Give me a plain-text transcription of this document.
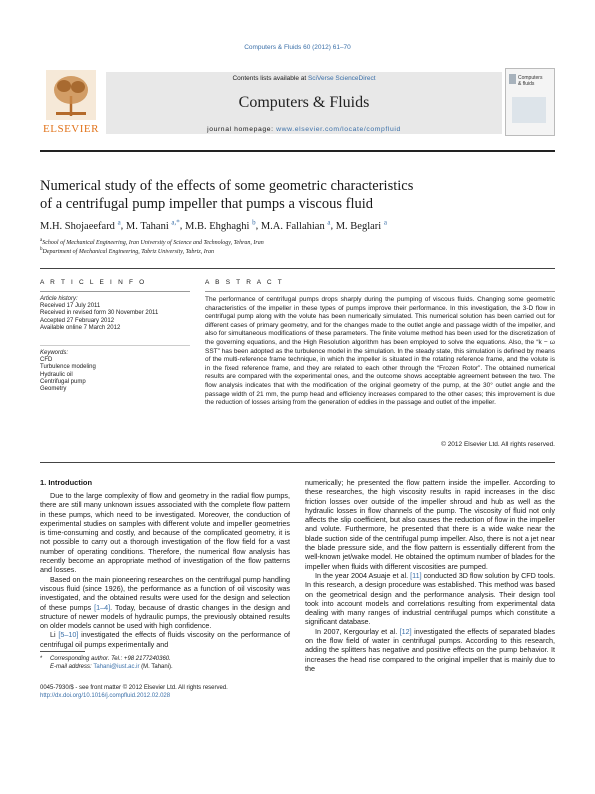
Computers & Fluids 60 (2012) 61–70
ELSEVIER
Contents lists available at SciVerse ScienceDirect
Computers & Fluids
journal homepage: www.elsevier.com/locate/compfluid
Computers
& fluids
Numerical study of the effects of some geometric characteristics
of a centrifugal pump impeller that pumps a viscous fluid
M.H. Shojaeefard $^a$, M. Tahani $^{a,*}$, M.B. Ehghaghi $^b$, M.A. Fallahian $^a$, M. Beglari $^a$
$^a$School of Mechanical Engineering, Iran University of Science and Technology, Tehran, Iran
$^b$Department of Mechanical Engineering, Tabriz University, Tabriz, Iran
A R T I C L E I N F O	A B S T R A C T
Article history:
Received 17 July 2011
Received in revised form 30 November 2011
Accepted 27 February 2012
Available online 7 March 2012
Keywords:
CFD
Turbulence modeling
Hydraulic oil
Centrifugal pump
Geometry
The performance of centrifugal pumps drops sharply during the pumping of viscous fluids. Changing some geometric characteristics of the impeller in these types of pumps improve their performance. In this investigation, the 3-D flow in centrifugal pump along with the volute has been numerically simulated. This numerical solution has been carried out for different cases of primary geometry, and for the changes made to the outlet angle and passage width of the impeller, and also for simultaneous modifications of these parameters. The finite volume method has been used for the discretization of the governing equations, and the High Resolution algorithm has been employed to solve the equations. Also, the “k − ω SST” has been adopted as the turbulence model in the simulation. In the steady state, this simulation is defined by means of the multi-reference frame technique, in which the impeller is situated in the rotating reference frame, and the volute is in the fixed reference frame, and they are related to each other through the “Frozen Rotor”. The obtained numerical results are compared with the experimental ones, and the outcome shows acceptable agreement between the two. The flow analysis indicates that with the modification of the original geometry of the pump, at the 30° outlet angle and the passage width of 21 mm, the pump head and efficiency increases compared to the other cases; this improvement is due the reduction of losses arising from the generation of eddies in the passage and outlet of the impeller.
© 2012 Elsevier Ltd. All rights reserved.
1. Introduction

Due to the large complexity of flow and geometry in the radial flow pumps, there are still many unknown issues associated with the complete flow pattern in these pumps, which need to be investigated. Moreover, the conduction of experimental studies on samples with different volute and impeller geometries is time-consuming and costly, and because of the complicated geometry, it is not possible to carry out a thorough investigation of the flow field for a vast number of operating conditions. Therefore, the numerical flow analysis has recently become an appropriate method of investigation of the flow patterns and losses.

Based on the main pioneering researches on the centrifugal pump handling viscous fluid (since 1926), the performance as a function of oil viscosity was investigated, and the obtained results were used for the design and selection of these pumps [1–4]. Today, because of drastic changes in the design and structure of newer models of hydraulic pumps, the previously obtained results on older models cannot be used with high confidence.

Li [5–10] investigated the effects of fluids viscosity on the performance of centrifugal oil pumps experimentally and

numerically; he presented the flow pattern inside the impeller. According to these researches, the high viscosity results in rapid increases in the disc friction losses over outside of the impeller shroud and hub as well as the hydraulic losses in flow channels of the pump. The viscosity of fluid not only affects the slip coefficient, but also causes the reduction of flow in the impeller and volute. Furthermore, he presented that there is a wide wake near the blade suction side of the centrifugal pump impeller. Also, there is not a jet near the blade pressure side, and the flow pattern is essentially different from the well-known jet/wake model. He obtained the optimum number of blades for the impeller when fluids with different viscosities are pumped.

In the year 2004 Asuaje et al. [11] conducted 3D flow solution by CFD tools. In this research, a design procedure was established. This method was based on the geometrical design and the performance analysis. Their design tool took into account models and correlations resulting from experimental data dealing with many ranges of industrial centrifugal pumps which constitute a significant database.

In 2007, Kergourlay et al. [12] investigated the effects of separated blades on the flow field of water in centrifugal pumps. According to this research, adding the splitters has negative and positive effects on the pump behavior. It increases the head rise compared to the original impeller that is mainly due to the

* Corresponding author. Tel.: +98 2177240360.
E-mail address: Tahani@iust.ac.ir (M. Tahani).
0045-7930/$ - see front matter © 2012 Elsevier Ltd. All rights reserved.
http://dx.doi.org/10.1016/j.compfluid.2012.02.028
